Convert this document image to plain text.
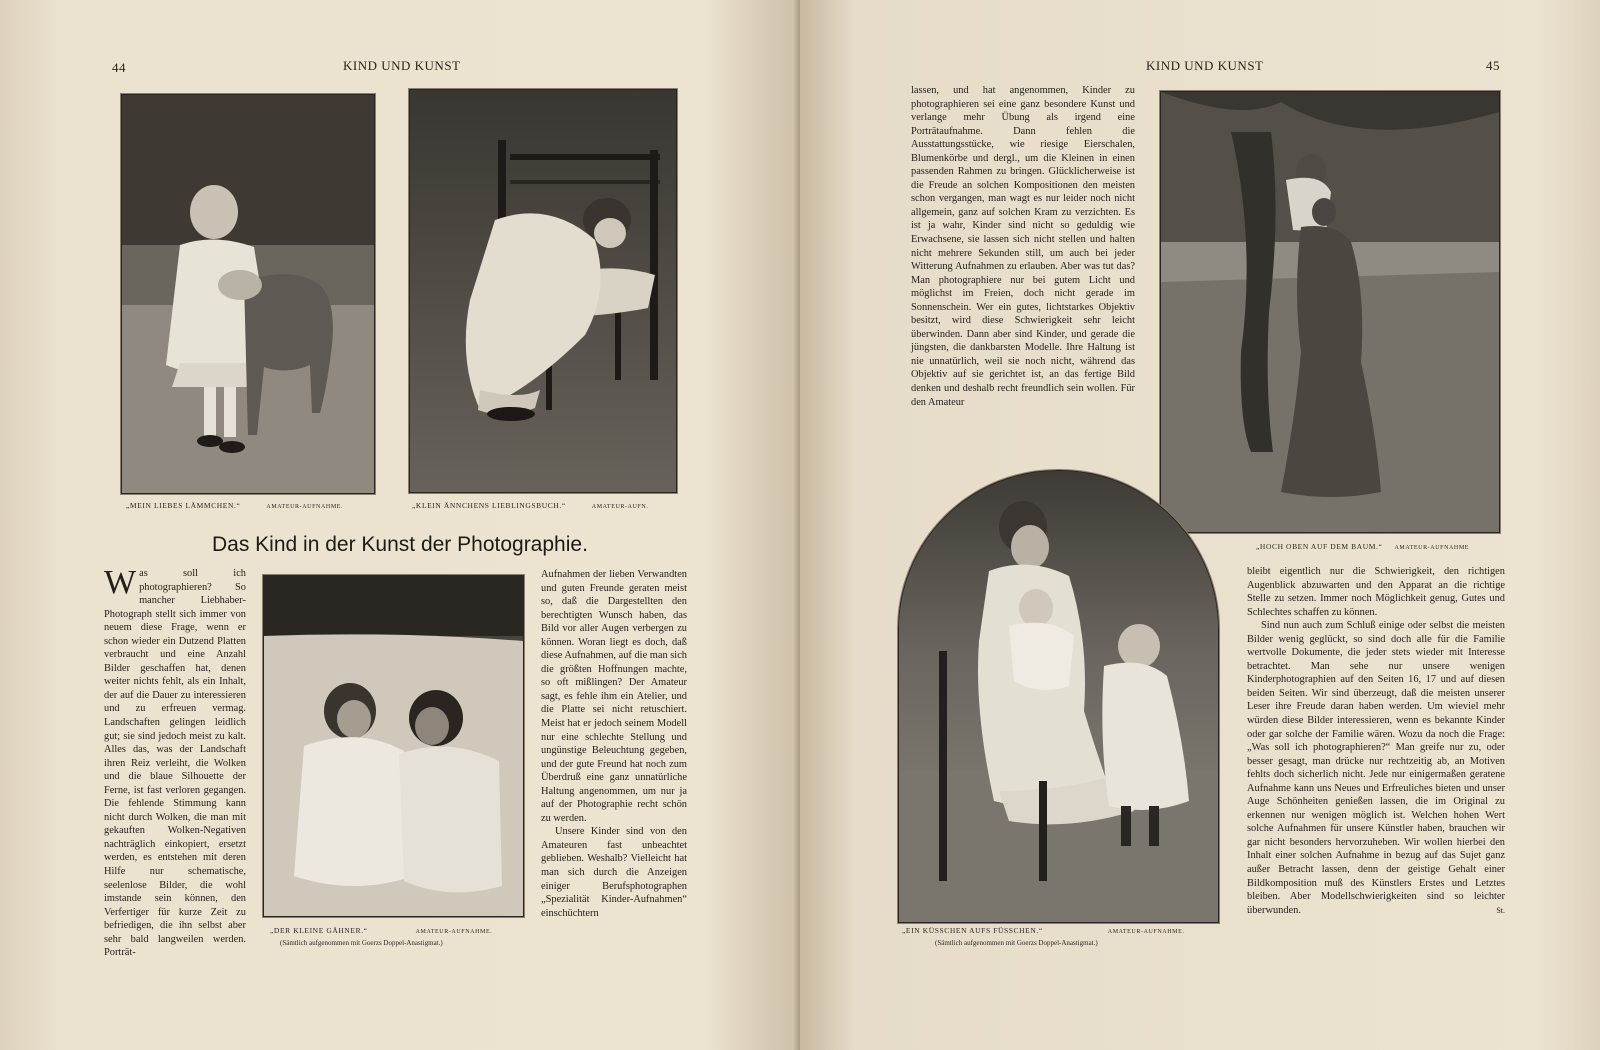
44	KIND UND KUNST
„MEIN LIEBES LÄMMCHEN.“	AMATEUR-AUFNAHME.	„KLEIN ÄNNCHENS LIEBLINGSBUCH.“	AMATEUR-AUFN.
Das Kind in der Kunst der Photographie.

Was soll ich photographieren? So mancher Liebhaber-Photograph stellt sich immer von neuem diese Frage, wenn er schon wieder ein Dutzend Platten verbraucht und eine Anzahl Bilder geschaffen hat, denen weiter nichts fehlt, als ein Inhalt, der auf die Dauer zu interessieren und zu erfreuen vermag. Landschaften gelingen leidlich gut; sie sind jedoch meist zu kalt. Alles das, was der Landschaft ihren Reiz verleiht, die Wolken und die blaue Silhouette der Ferne, ist fast verloren gegangen. Die fehlende Stimmung kann nicht durch Wolken, die man mit gekauften Wolken-Negativen nachträglich einkopiert, ersetzt werden, es entstehen mit deren Hilfe nur schematische, seelenlose Bilder, die wohl imstande sein können, den Verfertiger für kurze Zeit zu befriedigen, die ihn selbst aber sehr bald langweilen werden. Porträt-

„DER KLEINE GÄHNER.“	AMATEUR-AUFNAHME.
(Sämtlich aufgenommen mit Goerzs Doppel-Anastigmat.)

Aufnahmen der lieben Verwandten und guten Freunde geraten meist so, daß die Dargestellten den berechtigten Wunsch haben, das Bild vor aller Augen verbergen zu können. Woran liegt es doch, daß diese Aufnahmen, auf die man sich die größten Hoffnungen machte, so oft mißlingen? Der Amateur sagt, es fehle ihm ein Atelier, und die Platte sei nicht retuschiert. Meist hat er jedoch seinem Modell nur eine schlechte Stellung und ungünstige Beleuchtung gegeben, und der gute Freund hat noch zum Überdruß eine ganz unnatürliche Haltung angenommen, um nur ja auf der Photographie recht schön zu werden.

Unsere Kinder sind von den Amateuren fast unbeachtet geblieben. Weshalb? Vielleicht hat man sich durch die Anzeigen einiger Berufsphotographen „Spezialität Kinder-Aufnahmen“ einschüchtern

KIND UND KUNST	45

lassen, und hat angenommen, Kinder zu photographieren sei eine ganz besondere Kunst und verlange mehr Übung als irgend eine Porträtaufnahme. Dann fehlen die Ausstattungsstücke, wie riesige Eierschalen, Blumenkörbe und dergl., um die Kleinen in einen passenden Rahmen zu bringen. Glücklicherweise ist die Freude an solchen Kompositionen den meisten schon vergangen, man wagt es nur leider noch nicht allgemein, ganz auf solchen Kram zu verzichten. Es ist ja wahr, Kinder sind nicht so geduldig wie Erwachsene, sie lassen sich nicht stellen und halten nicht mehrere Sekunden still, um auch bei jeder Witterung Aufnahmen zu erlauben. Aber was tut das? Man photographiere nur bei gutem Licht und möglichst im Freien, doch nicht gerade im Sonnenschein. Wer ein gutes, lichtstarkes Objektiv besitzt, wird diese Schwierigkeit sehr leicht überwinden. Dann aber sind Kinder, und gerade die jüngsten, die dankbarsten Modelle. Ihre Haltung ist nie unnatürlich, weil sie noch nicht, während das Objektiv auf sie gerichtet ist, an das fertige Bild denken und deshalb recht freundlich sein wollen. Für den Amateur

„HOCH OBEN AUF DEM BAUM.“ AMATEUR-AUFNAHME
„EIN KÜSSCHEN AUFS FÜSSCHEN.“	AMATEUR-AUFNAHME.
(Sämtlich aufgenommen mit Goerzs Doppel-Anastigmat.)

bleibt eigentlich nur die Schwierigkeit, den richtigen Augenblick abzuwarten und den Apparat an die richtige Stelle zu setzen. Immer noch Möglichkeit genug, Gutes und Schlechtes schaffen zu können.

Sind nun auch zum Schluß einige oder selbst die meisten Bilder wenig geglückt, so sind doch alle für die Familie wertvolle Dokumente, die jeder stets wieder mit Interesse betrachtet. Man sehe nur unsere wenigen Kinderphotographien auf den Seiten 16, 17 und auf diesen beiden Seiten. Wir sind überzeugt, daß die meisten unserer Leser ihre Freude daran haben werden. Um wieviel mehr würden diese Bilder interessieren, wenn es bekannte Kinder oder gar solche der Familie wären. Wozu da noch die Frage: „Was soll ich photographieren?“ Man greife nur zu, oder besser gesagt, man drücke nur rechtzeitig ab, an Motiven fehlts doch sicherlich nicht. Jede nur einigermaßen geratene Aufnahme kann uns Neues und Erfreuliches bieten und unser Auge Schönheiten genießen lassen, die im Original zu erkennen nur wenigen möglich ist. Welchen hohen Wert solche Aufnahmen für unsere Künstler haben, brauchen wir gar nicht besonders hervorzuheben. Wir wollen hierbei den Inhalt einer solchen Aufnahme in bezug auf das Sujet ganz außer Betracht lassen, denn der geistige Gehalt einer Bildkomposition muß des Künstlers Erstes und Letztes bleiben. Aber Modellschwierigkeiten sind so leichter überwunden.	St.
